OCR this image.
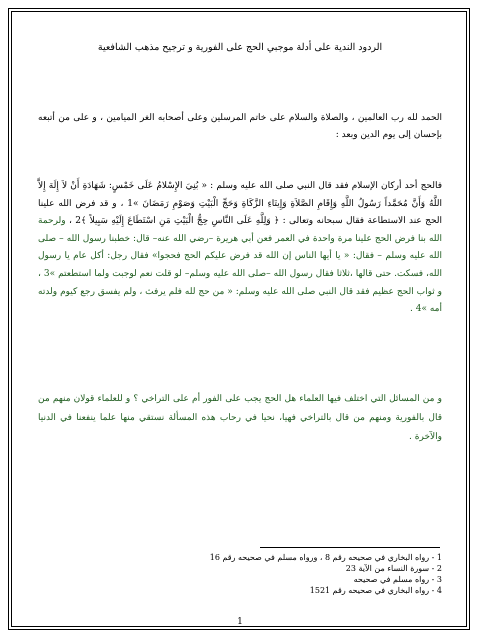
الردود الندية على أدلة موجبي الحج على الفورية و ترجيح مذهب الشافعية
الحمد لله رب العالمين ، والصلاة والسلام على خاتم المرسلين وعلى أصحابه الغر الميامين ، و على من أتبعه بإحسان إلى يوم الدين وبعد :
فالحج أحد أركان الإسلام فقد قال النبي صلى الله عليه وسلم : « بُنِيَ الإِسْلامُ عَلَى خَمْسٍ: شَهَادَةِ أَنْ لاَ إِلَهَ إِلاَّ اللَّهُ وَأَنَّ مُحَمَّداً رَسُولُ اللَّهِ وَإِقَامِ الصَّلاَةِ وَإِيتَاءِ الزَّكَاةِ وَحَجِّ الْبَيْتِ وَصَوْمِ رَمَضَانَ »1 ، و قد فرض الله علينا الحج عند الاستطاعة فقال سبحانه وتعالى : ﴿ وَلِلَّهِ عَلَى النَّاسِ حِجُّ الْبَيْتِ مَنِ اسْتَطَاعَ إِلَيْهِ سَبِيلاً ﴾2 ، ولرحمة الله بنا فرض الحج علينا مرة واحدة في العمر فعن أبي هريرة –رضي الله عنه– قال: خطبنا رسول الله – صلى الله عليه وسلم – فقال: « يا أيها الناس إن الله قد فرض عليكم الحج فحجوا» فقال رجل: أكل عام يا رسول الله، فسكت. حتى قالها ،ثلاثا فقال رسول الله –صلى الله عليه وسلم– لو قلت نعم لوجبت ولما استطعتم »3 ، و ثواب الحج عظيم فقد قال النبي صلى الله عليه وسلم: « من حج لله فلم يرفث ، ولم يفسق رجع كيوم ولدته أمه »4 .
و من المسائل التي اختلف فيها العلماء هل الحج يجب على الفور أم على التراخي ؟ و للعلماء قولان منهم من قال بالفورية ومنهم من قال بالتراخي فهيا، نحيا في رحاب هذه المسألة نستقي منها علما ينفعنا في الدنيا والآخرة .
1 - رواه البخاري في صحيحه رقم 8 ، ورواه مسلم في صحيحه رقم 16
2 - سورة النساء من الآية 23
3 - رواه مسلم في صحيحه
4 - رواه البخاري في صحيحه رقم 1521
1
